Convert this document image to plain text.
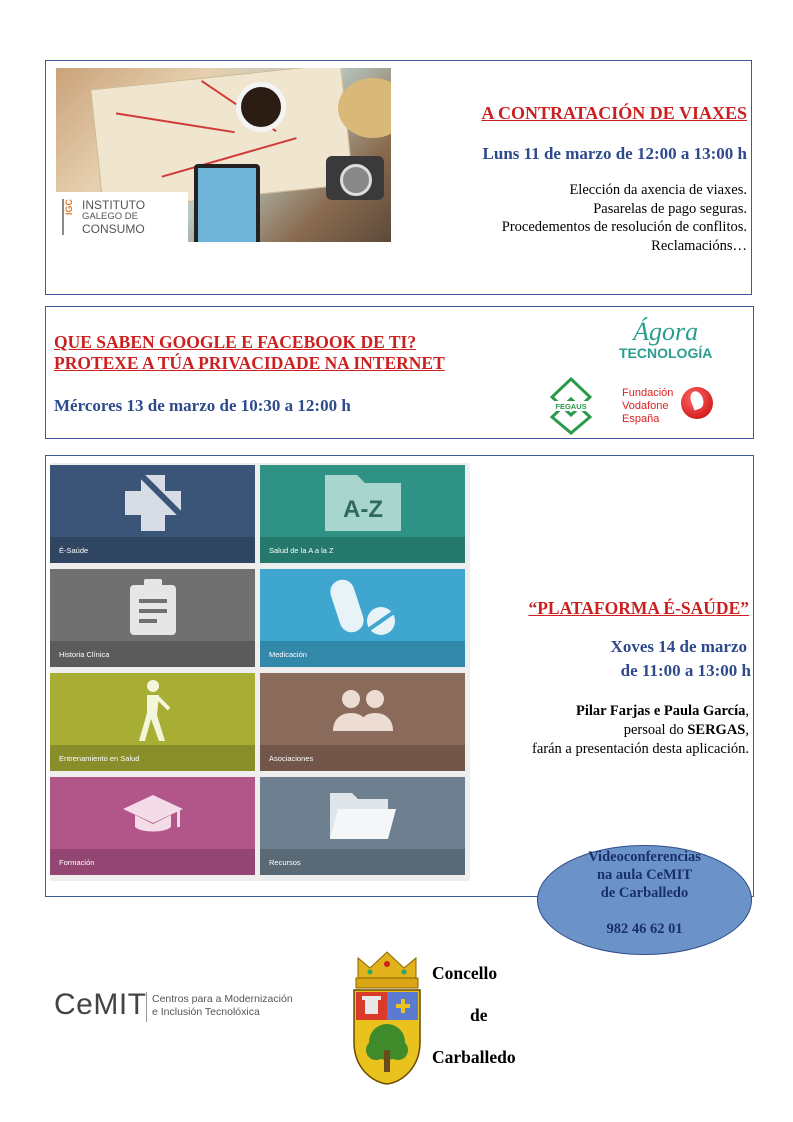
IGC INSTITUTO
GALEGO DE
CONSUMO
A CONTRATACIÓN DE VIAXES
Luns 11 de marzo de 12:00 a 13:00 h
Elección da axencia de viaxes.
Pasarelas de pago seguras.
Procedementos de resolución de conflitos.
Reclamacións…
QUE SABEN GOOGLE E FACEBOOK DE TI?
PROTEXE A TÚA PRIVACIDADE NA INTERNET
Mércores 13 de marzo de 10:30 a 12:00 h
Ágora
TECNOLOGÍA
FEGAUS
Fundación
Vodafone
España
É-Saúde
A-Z
Salud de la A a la Z
Historia Clínica	Medicación
Entrenamiento en Salud	Asociaciones
Formación	Recursos
“PLATAFORMA É-SAÚDE”
Xoves 14 de marzo
de 11:00 a 13:00 h
Pilar Farjas e Paula García,
persoal do SERGAS,
farán a presentación desta aplicación.
Videoconferencias
na aula CeMIT
de Carballedo
982 46 62 01
CeMIT Centros para a Modernización
e Inclusión Tecnolóxica
Concello
de
Carballedo
